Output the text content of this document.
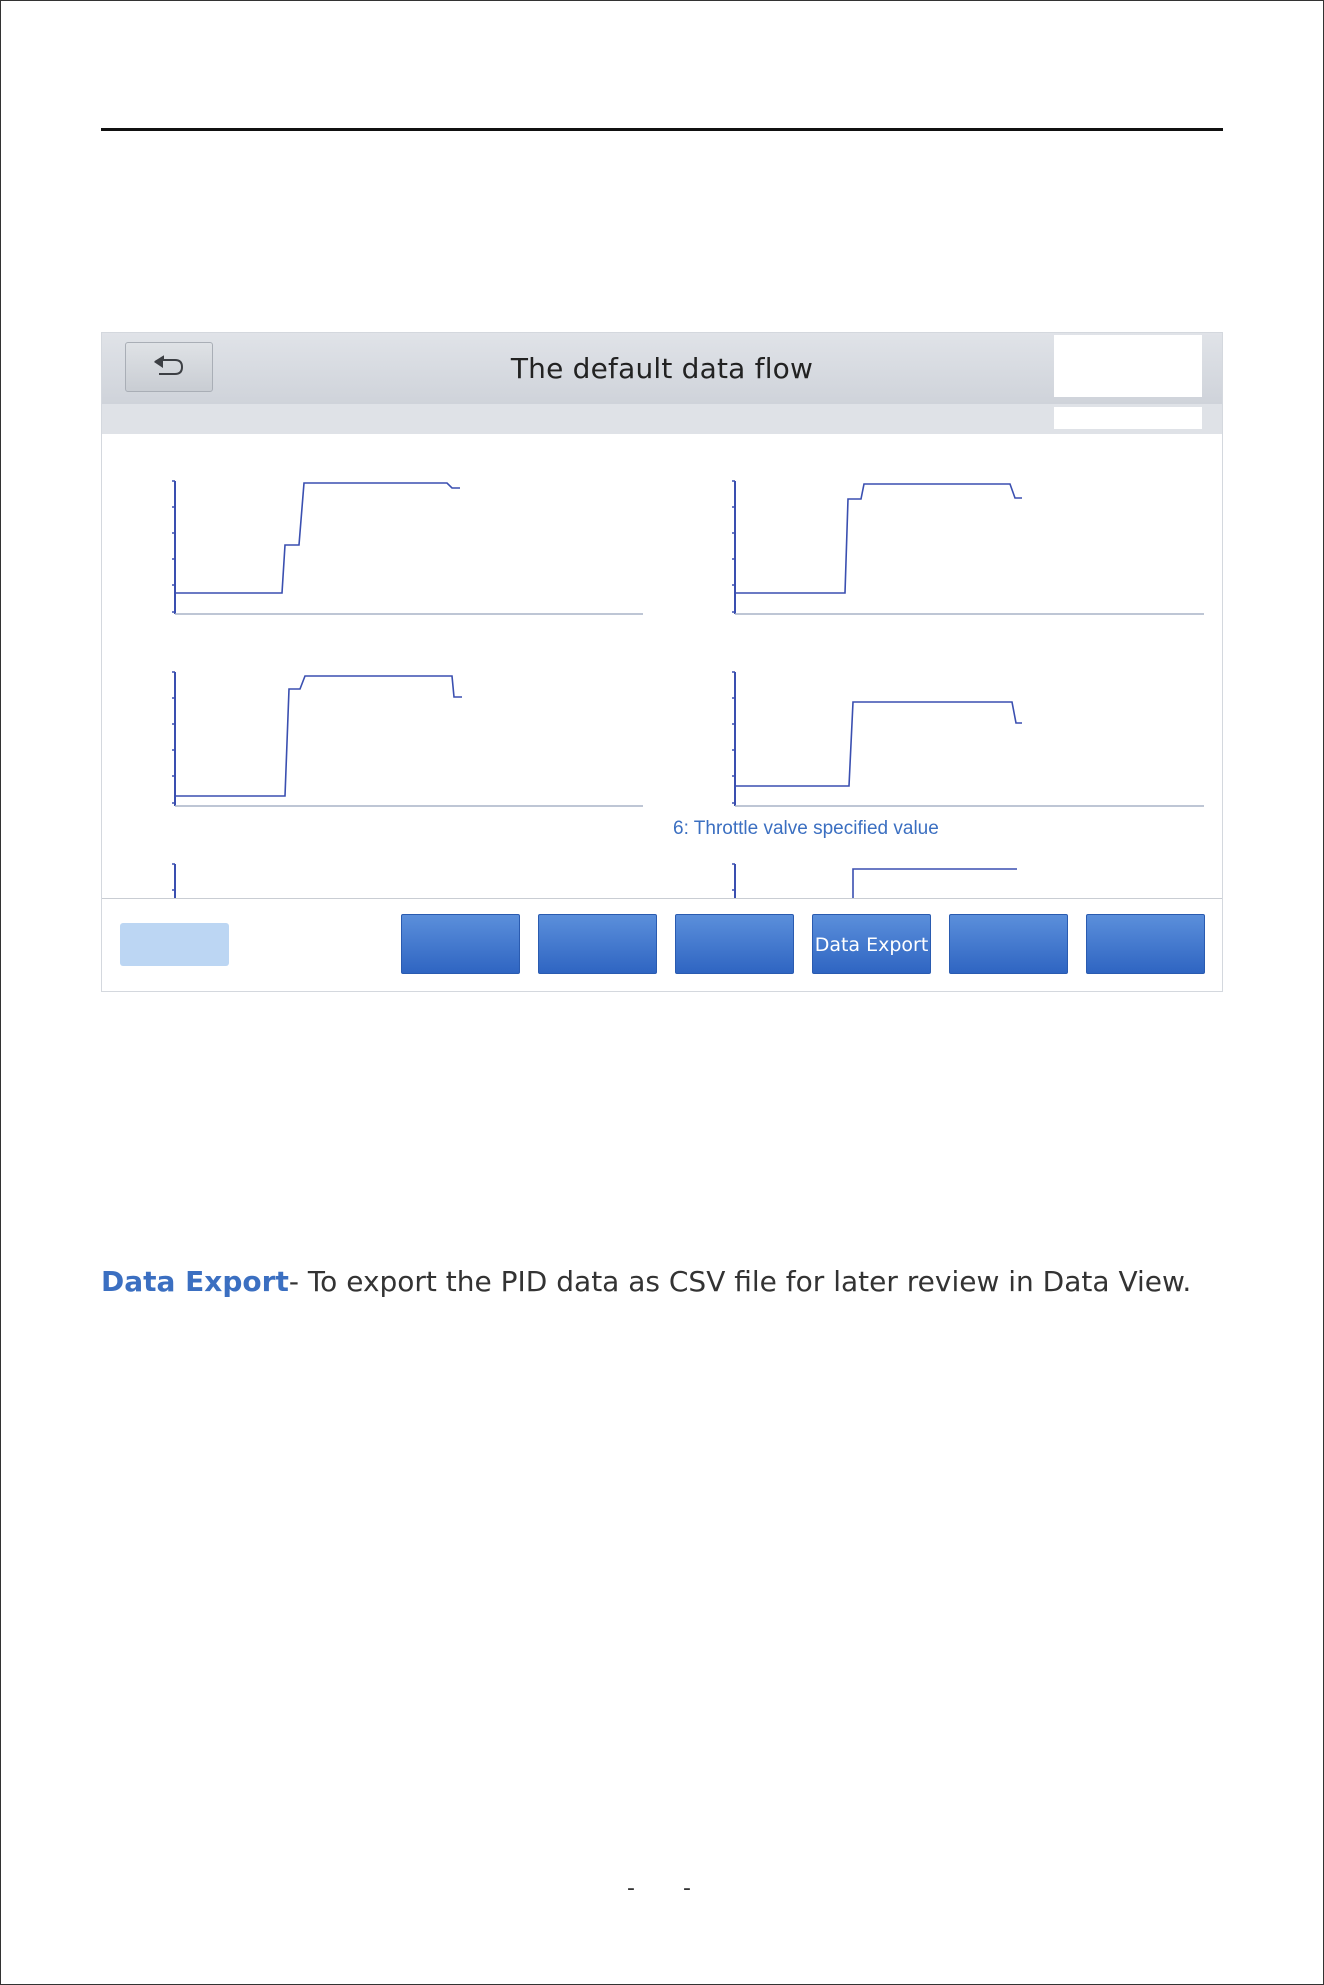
The default data flow
6: Throttle valve specified value
Data Export
Data Export- To export the PID data as CSV file for later review in Data View.
- -
